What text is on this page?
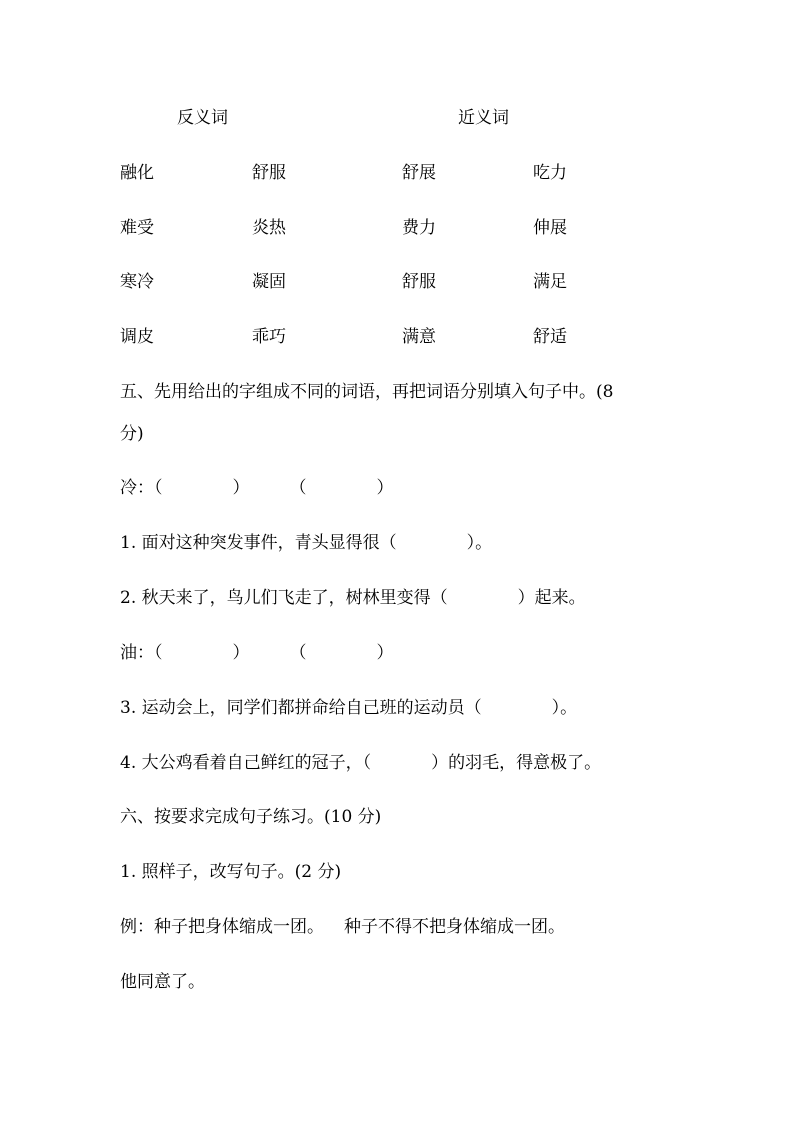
反义词	近义词
融化	舒服	舒展	吃力
难受	炎热	费力	伸展
寒冷	凝固	舒服	满足
调皮	乖巧	满意	舒适
五、先用给出的字组成不同的词语，再把词语分别填入句子中。(8
分)
冷：（	） （	）
1. 面对这种突发事件，青头显得很（	）。
2. 秋天来了，鸟儿们飞走了，树林里变得（	）起来。
油：（	） （	）
3. 运动会上，同学们都拼命给自己班的运动员（	）。
4. 大公鸡看着自己鲜红的冠子，（	）的羽毛，得意极了。
六、按要求完成句子练习。(10 分)
1. 照样子，改写句子。(2 分)
例：种子把身体缩成一团。 种子不得不把身体缩成一团。
他同意了。
